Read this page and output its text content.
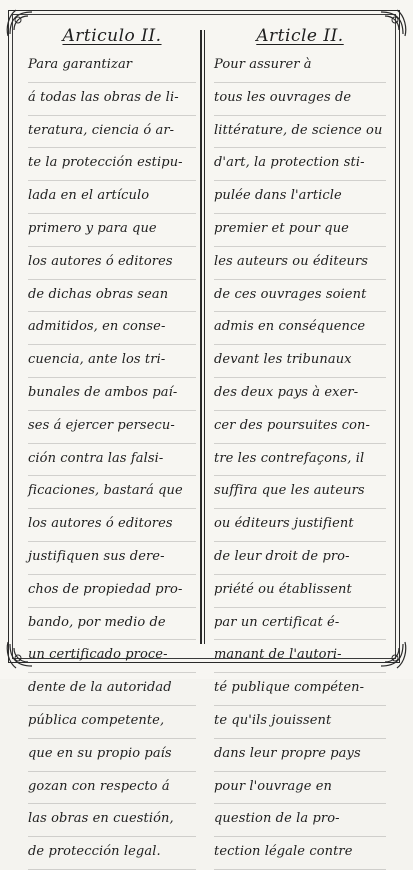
Articulo II.
Para garantizar
á todas las obras de li-
teratura, ciencia ó ar-
te la protección estipu-
lada en el artículo
primero y para que
los autores ó editores
de dichas obras sean
admitidos, en conse-
cuencia, ante los tri-
bunales de ambos paí-
ses á ejercer persecu-
ción contra las falsi-
ficaciones, bastará que
los autores ó editores
justifiquen sus dere-
chos de propiedad pro-
bando, por medio de
un certificado proce-
dente de la autoridad
pública competente,
que en su propio país
gozan con respecto á
las obras en cuestión,
de protección legal.
Article II.
Pour assurer à
tous les ouvrages de
littérature, de science ou
d'art, la protection sti-
pulée dans l'article
premier et pour que
les auteurs ou éditeurs
de ces ouvrages soient
admis en conséquence
devant les tribunaux
des deux pays à exer-
cer des poursuites con-
tre les contrefaçons, il
suffira que les auteurs
ou éditeurs justifient
de leur droit de pro-
priété ou établissent
par un certificat é-
manant de l'autori-
té publique compéten-
te qu'ils jouissent
dans leur propre pays
pour l'ouvrage en
question de la pro-
tection légale contre
